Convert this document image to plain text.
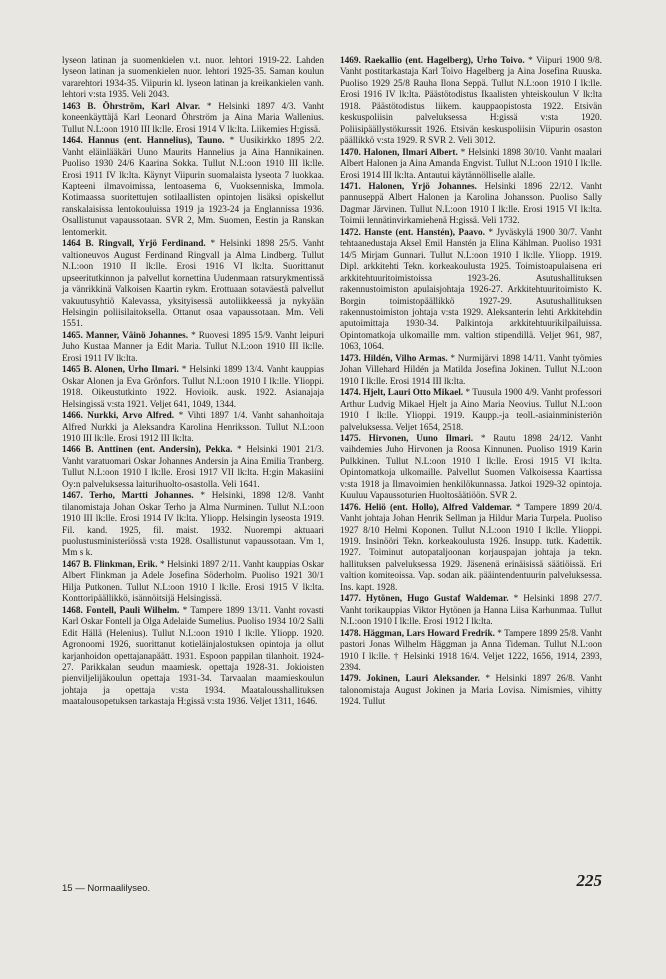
lyseon latinan ja suomenkielen v.t. nuor. lehtori 1919-22. Lahden lyseon latinan ja suomenkielen nuor. lehtori 1925-35. Saman koulun vararehtori 1934-35. Viipurin kl. lyseon latinan ja kreikankielen vanh. lehtori v:sta 1935. Veli 2043.

1463 B. Öhrström, Karl Alvar. * Helsinki 1897 4/3. Vanht koneenkäyttäjä Karl Leonard Öhrström ja Aina Maria Wallenius. Tullut N.L:oon 1910 III lk:lle. Erosi 1914 V lk:lta. Liikemies H:gissä.

1464. Hannus (ent. Hannelius), Tauno. * Uusikirkko 1895 2/2. Vanht eläinlääkäri Uuno Maurits Hannelius ja Aina Hannikainen. Puoliso 1930 24/6 Kaarina Sokka. Tullut N.L:oon 1910 III lk:lle. Erosi 1911 IV lk:lta. Käynyt Viipurin suomalaista lyseota 7 luokkaa. Kapteeni ilmavoimissa, lentoasema 6, Vuoksenniska, Immola. Kotimaassa suoritettujen sotilaallisten opintojen lisäksi opiskellut ranskalaisissa lentokouluissa 1919 ja 1923-24 ja Englannissa 1936. Osallistunut vapaussotaan. SVR 2, Mm. Suomen, Eestin ja Ranskan lentomerkit.

1464 B. Ringvall, Yrjö Ferdinand. * Helsinki 1898 25/5. Vanht valtioneuvos August Ferdinand Ringvall ja Alma Lindberg. Tullut N.L:oon 1910 II lk:lle. Erosi 1916 VI lk:lta. Suorittanut upseeritutkinnon ja palvellut kornettina Uudenmaan ratsurykmentissä ja vänrikkinä Valkoisen Kaartin rykm. Erottuaan sotaväestä palvellut vakuutusyhtiö Kalevassa, yksityisessä autoliikkeessä ja nykyään Helsingin poliisilaitoksella. Ottanut osaa vapaussotaan. Mm. Veli 1551.

1465. Manner, Väinö Johannes. * Ruovesi 1895 15/9. Vanht leipuri Juho Kustaa Manner ja Edit Maria. Tullut N.L:oon 1910 III lk:lle. Erosi 1911 IV lk:lta.

1465 B. Alonen, Urho Ilmari. * Helsinki 1899 13/4. Vanht kauppias Oskar Alonen ja Eva Grönfors. Tullut N.L:oon 1910 I lk:lle. Ylioppi. 1918. Oikeustutkinto 1922. Hovioik. ausk. 1922. Asianajaja Helsingissä v:sta 1921. Veljet 641, 1049, 1344.

1466. Nurkki, Arvo Alfred. * Vihti 1897 1/4. Vanht sahanhoitaja Alfred Nurkki ja Aleksandra Karolina Henriksson. Tullut N.L:oon 1910 III lk:lle. Erosi 1912 III lk:lta.

1466 B. Anttinen (ent. Andersin), Pekka. * Helsinki 1901 21/3. Vanht varatuomari Oskar Johannes Andersin ja Aina Emilia Tranberg. Tullut N.L:oon 1910 I lk:lle. Erosi 1917 VII lk:lta. H:gin Makasiini Oy:n palveluksessa laiturihuolto-osastolla. Veli 1641.

1467. Terho, Martti Johannes. * Helsinki, 1898 12/8. Vanht tilanomistaja Johan Oskar Terho ja Alma Nurminen. Tullut N.L:oon 1910 III lk:lle. Erosi 1914 IV lk:lta. Yliopp. Helsingin lyseosta 1919. Fil. kand. 1925, fil. maist. 1932. Nuorempi aktuaari puolustusministeriössä v:sta 1928. Osallistunut vapaussotaan. Vm 1, Mm s k.

1467 B. Flinkman, Erik. * Helsinki 1897 2/11. Vanht kauppias Oskar Albert Flinkman ja Adele Josefina Söderholm. Puoliso 1921 30/1 Hilja Putkonen. Tullut N.L:oon 1910 I lk:lle. Erosi 1915 V lk:lta. Konttoripäällikkö, isännöitsijä Helsingissä.

1468. Fontell, Pauli Wilhelm. * Tampere 1899 13/11. Vanht rovasti Karl Oskar Fontell ja Olga Adelaide Sumelius. Puoliso 1934 10/2 Salli Edit Hällä (Helenius). Tullut N.L:oon 1910 I lk:lle. Yliopp. 1920. Agronoomi 1926, suorittanut kotieläinjalostuksen opintoja ja ollut karjanhoidon opettajanapäätt. 1931. Espoon pappilan tilanhoit. 1924-27. Parikkalan seudun maamiesk. opettaja 1928-31. Jokioisten pienviljelijäkoulun opettaja 1931-34. Tarvaalan maamieskoulun johtaja ja opettaja v:sta 1934. Maatalousshallituksen maatalousopetuksen tarkastaja H:gissä v:sta 1936. Veljet 1311, 1646.

1469. Raekallio (ent. Hagelberg), Urho Toivo. * Viipuri 1900 9/8. Vanht postitarkastaja Karl Toivo Hagelberg ja Aina Josefina Ruuska. Puoliso 1929 25/8 Rauha Ilona Seppä. Tullut N.L:oon 1910 I lk:lle. Erosi 1916 IV lk:lta. Päästötodistus Ikaalisten yhteiskoulun V lk:lta 1918. Päästötodistus liikem. kauppaopistosta 1922. Etsivän keskuspoliisin palveluksessa H:gissä v:sta 1920. Poliisipäällystökurssit 1926. Etsivän keskuspoliisin Viipurin osaston päällikkö v:sta 1929. R SVR 2. Veli 3012.

1470. Halonen, Ilmari Albert. * Helsinki 1898 30/10. Vanht maalari Albert Halonen ja Aina Amanda Engvist. Tullut N.L:oon 1910 I lk:lle. Erosi 1914 III lk:lta. Antautui käytännölliselle alalle.

1471. Halonen, Yrjö Johannes. Helsinki 1896 22/12. Vanht pannuseppä Albert Halonen ja Karolina Johansson. Puoliso Sally Dagmar Järvinen. Tullut N.L:oon 1910 I lk:lle. Erosi 1915 VI lk:lta. Toimii lennätinvirkamiehenä H:gissä. Veli 1732.

1472. Hanste (ent. Hanstén), Paavo. * Jyväskylä 1900 30/7. Vanht tehtaanedustaja Aksel Emil Hanstén ja Elina Kählman. Puoliso 1931 14/5 Mirjam Gunnari. Tullut N.L:oon 1910 I lk:lle. Yliopp. 1919. Dipl. arkkitehti Tekn. korkeakoulusta 1925. Toimistoapulaisena eri arkkitehtuuritoimistoissa 1923-26. Asutushallituksen rakennustoimiston apulaisjohtaja 1926-27. Arkkitehtuuritoimisto K. Borgin toimistopäällikkö 1927-29. Asutushallituksen rakennustoimiston johtaja v:sta 1929. Aleksanterin lehti Arkkitehdin aputoimittaja 1930-34. Palkintoja arkkitehtuurikilpailuissa. Opintomatkoja ulkomaille mm. valtion stipendillä. Veljet 961, 987, 1063, 1064.

1473. Hildén, Vilho Armas. * Nurmijärvi 1898 14/11. Vanht työmies Johan Villehard Hildén ja Matilda Josefina Jokinen. Tullut N.L:oon 1910 I lk:lle. Erosi 1914 III lk:lta.

1474. Hjelt, Lauri Otto Mikael. * Tuusula 1900 4/9. Vanht professori Arthur Ludvig Mikael Hjelt ja Aino Maria Neovius. Tullut N.L:oon 1910 I lk:lle. Ylioppi. 1919. Kaupp.-ja teoll.-asiainministeriön palveluksessa. Veljet 1654, 2518.

1475. Hirvonen, Uuno Ilmari. * Rautu 1898 24/12. Vanht vaihdemies Juho Hirvonen ja Roosa Kinnunen. Puoliso 1919 Karin Pulkkinen. Tullut N.L:oon 1910 I lk:lle. Erosi 1915 VI lk:lta. Opintomatkoja ulkomaille. Palvellut Suomen Valkoisessa Kaartissa v:sta 1918 ja Ilmavoimien henkilökunnassa. Jatkoi 1929-32 opintoja. Kuuluu Vapaussoturien Huoltosäätiöön. SVR 2.

1476. Heliö (ent. Hollo), Alfred Valdemar. * Tampere 1899 20/4. Vanht johtaja Johan Henrik Sellman ja Hildur Maria Turpela. Puoliso 1927 8/10 Helmi Koponen. Tullut N.L:oon 1910 I lk:lle. Ylioppi. 1919. Insinööri Tekn. korkeakoulusta 1926. Insupp. tutk. Kadettik. 1927. Toiminut autopataljoonan korjauspajan johtaja ja tekn. hallituksen palveluksessa 1929. Jäsenenä erinäisissä säätiöissä. Eri valtion komiteoissa. Vap. sodan aik. pääintendentuurin palveluksessa. Ins. kapt. 1928.

1477. Hytönen, Hugo Gustaf Waldemar. * Helsinki 1898 27/7. Vanht torikauppias Viktor Hytönen ja Hanna Liisa Karhunmaa. Tullut N.L:oon 1910 I lk:lle. Erosi 1912 I lk:lta.

1478. Häggman, Lars Howard Fredrik. * Tampere 1899 25/8. Vanht pastori Jonas Wilhelm Häggman ja Anna Tideman. Tullut N.L:oon 1910 I lk:lle. † Helsinki 1918 16/4. Veljet 1222, 1656, 1914, 2393, 2394.

1479. Jokinen, Lauri Aleksander. * Helsinki 1897 26/8. Vanht talonomistaja August Jokinen ja Maria Lovisa. Nimismies, vihitty 1924. Tullut

15 — Normaalilyseo.	225
